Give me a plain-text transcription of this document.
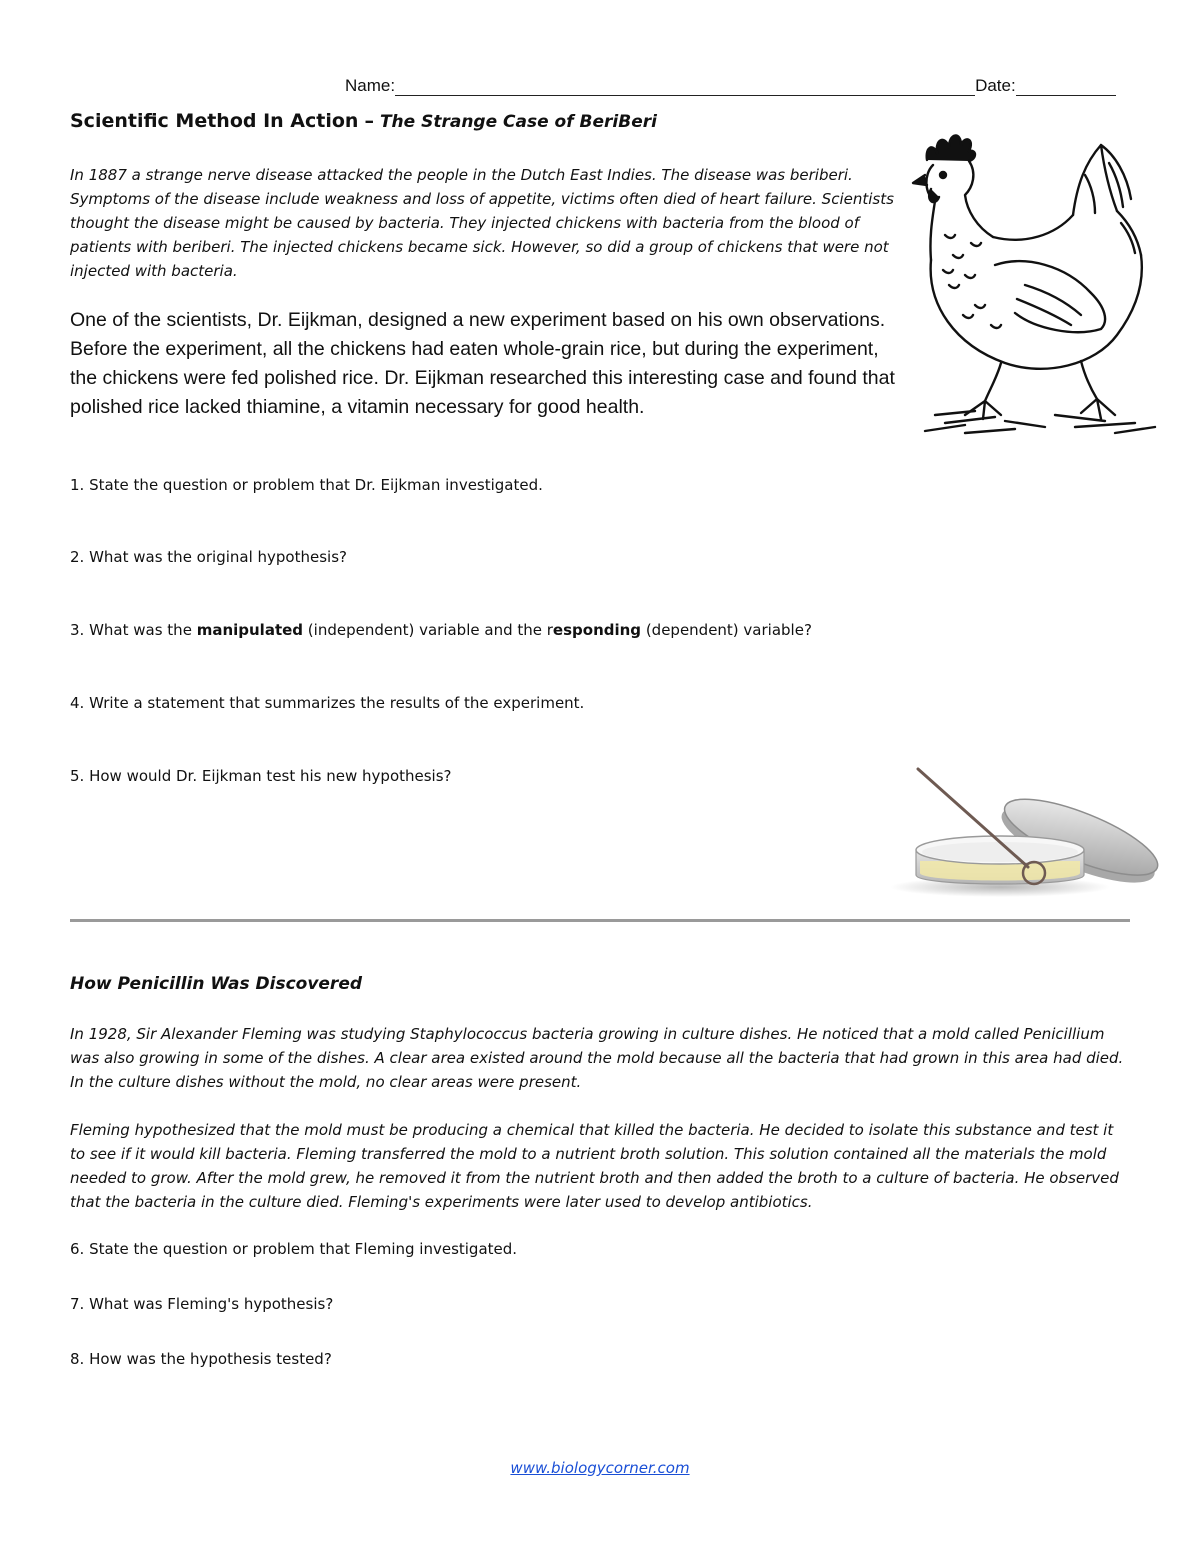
Name:	Date:
Scientific Method In Action – The Strange Case of BeriBeri
In 1887 a strange nerve disease attacked the people in the Dutch East Indies. The disease was beriberi. Symptoms of the disease include weakness and loss of appetite, victims often died of heart failure. Scientists thought the disease might be caused by bacteria. They injected chickens with bacteria from the blood of patients with beriberi. The injected chickens became sick. However, so did a group of chickens that were not injected with bacteria.
One of the scientists, Dr. Eijkman, designed a new experiment based on his own observations. Before the experiment, all the chickens had eaten whole-grain rice, but during the experiment, the chickens were fed polished rice. Dr. Eijkman researched this interesting case and found that polished rice lacked thiamine, a vitamin necessary for good health.
1. State the question or problem that Dr. Eijkman investigated.
2. What was the original hypothesis?
3. What was the manipulated (independent) variable and the responding (dependent) variable?
4. Write a statement that summarizes the results of the experiment.
5. How would Dr. Eijkman test his new hypothesis?
How Penicillin Was Discovered
In 1928, Sir Alexander Fleming was studying Staphylococcus bacteria growing in culture dishes. He noticed that a mold called Penicillium was also growing in some of the dishes. A clear area existed around the mold because all the bacteria that had grown in this area had died. In the culture dishes without the mold, no clear areas were present.
Fleming hypothesized that the mold must be producing a chemical that killed the bacteria. He decided to isolate this substance and test it to see if it would kill bacteria. Fleming transferred the mold to a nutrient broth solution. This solution contained all the materials the mold needed to grow. After the mold grew, he removed it from the nutrient broth and then added the broth to a culture of bacteria. He observed that the bacteria in the culture died. Fleming's experiments were later used to develop antibiotics.
6. State the question or problem that Fleming investigated.
7. What was Fleming's hypothesis?
8. How was the hypothesis tested?
www.biologycorner.com
